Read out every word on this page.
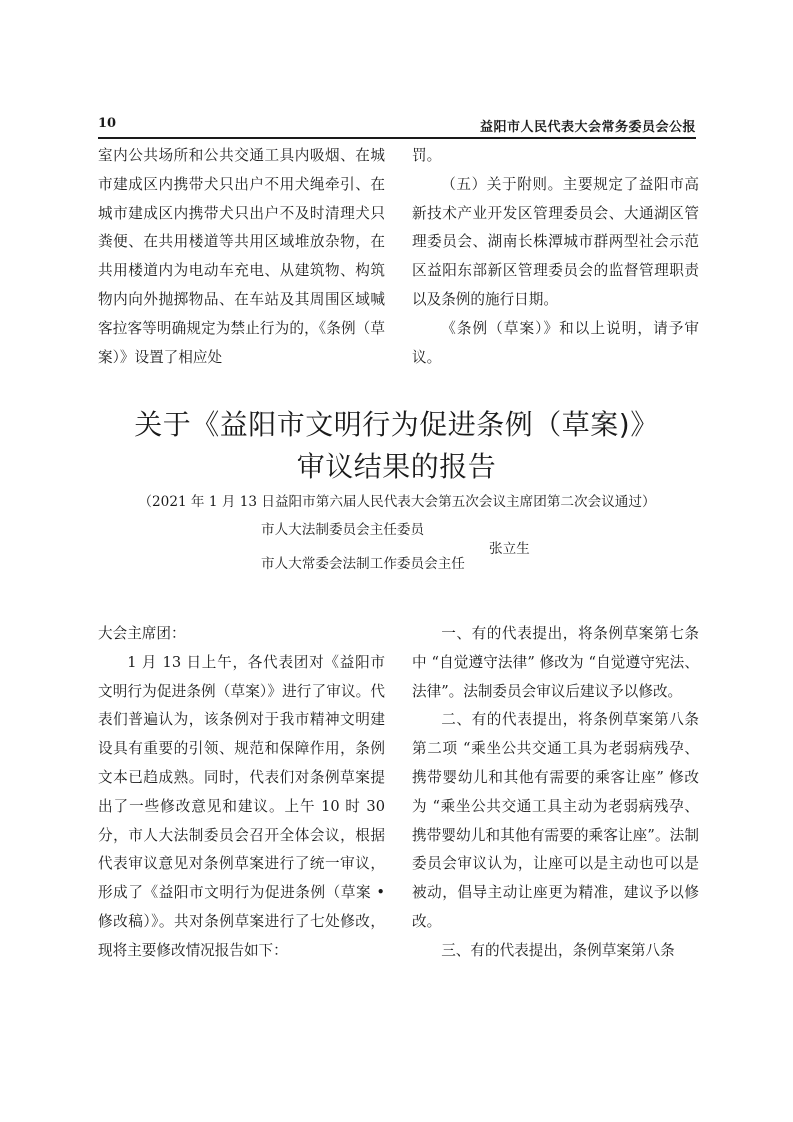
10	益阳市人民代表大会常务委员会公报

室内公共场所和公共交通工具内吸烟、在城市建成区内携带犬只出户不用犬绳牵引、在城市建成区内携带犬只出户不及时清理犬只粪便、在共用楼道等共用区域堆放杂物，在共用楼道内为电动车充电、从建筑物、构筑物内向外抛掷物品、在车站及其周围区域喊客拉客等明确规定为禁止行为的，《条例（草案）》设置了相应处

罚。

（五）关于附则。主要规定了益阳市高新技术产业开发区管理委员会、大通湖区管理委员会、湖南长株潭城市群两型社会示范区益阳东部新区管理委员会的监督管理职责以及条例的施行日期。

《条例（草案）》和以上说明，请予审议。

关于《益阳市文明行为促进条例（草案)》
审议结果的报告
（2021 年 1 月 13 日益阳市第六届人民代表大会第五次会议主席团第二次会议通过）
市人大法制委员会主任委员
市人大常委会法制工作委员会主任
张立生

大会主席团：

1 月 13 日上午，各代表团对《益阳市文明行为促进条例（草案）》进行了审议。代表们普遍认为，该条例对于我市精神文明建设具有重要的引领、规范和保障作用，条例文本已趋成熟。同时，代表们对条例草案提出了一些修改意见和建议。上午 10 时 30 分，市人大法制委员会召开全体会议，根据代表审议意见对条例草案进行了统一审议，形成了《益阳市文明行为促进条例（草案 • 修改稿）》。共对条例草案进行了七处修改，现将主要修改情况报告如下：

一、有的代表提出，将条例草案第七条中 “自觉遵守法律” 修改为 “自觉遵守宪法、法律”。法制委员会审议后建议予以修改。

二、有的代表提出，将条例草案第八条第二项 “乘坐公共交通工具为老弱病残孕、携带婴幼儿和其他有需要的乘客让座” 修改为 “乘坐公共交通工具主动为老弱病残孕、携带婴幼儿和其他有需要的乘客让座”。法制委员会审议认为，让座可以是主动也可以是被动，倡导主动让座更为精准，建议予以修改。

三、有的代表提出，条例草案第八条
